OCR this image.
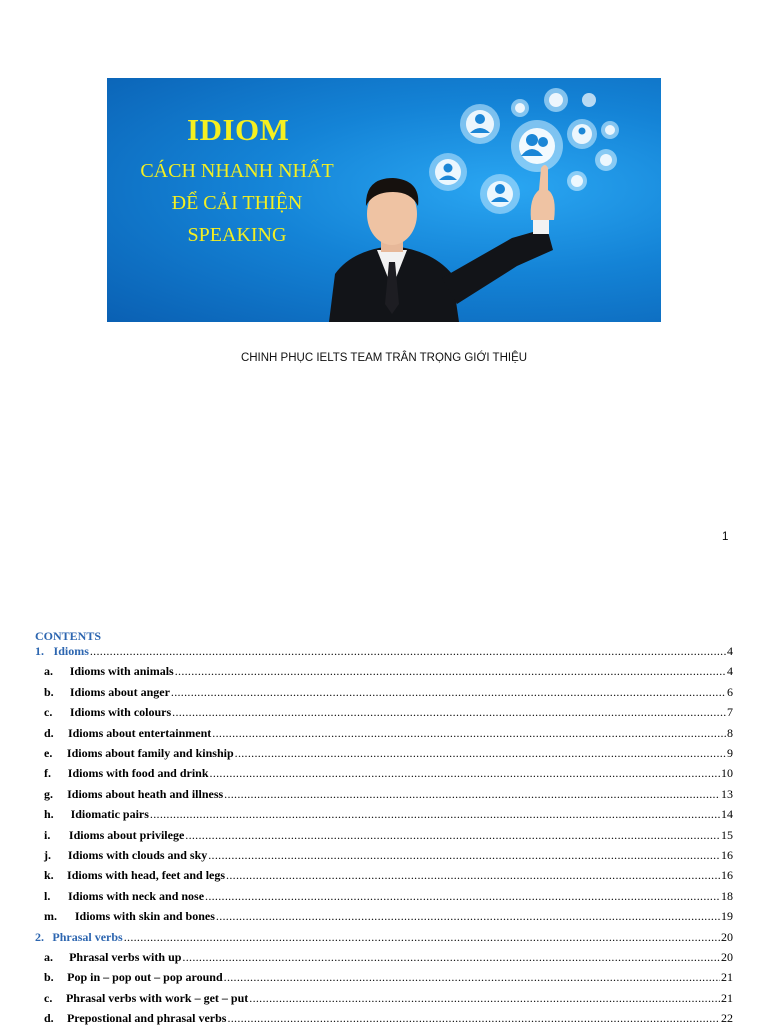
IDIOM
CÁCH NHANH NHẤT
ĐỂ CẢI THIỆN
SPEAKING
CHINH PHỤC IELTS TEAM TRÂN TRỌNG GIỚI THIỆU
1
CONTENTS
1. Idioms .....	4
a.	Idioms with animals .....	4
b.	Idioms about anger .....	6
c.	Idioms with colours .....	7
d.	Idioms about entertainment .....	8
e.	Idioms about family and kinship .....	9
f.	Idioms with food and drink .....	10
g.	Idioms about heath and illness .....	13
h.	Idiomatic pairs .....	14
i.	Idioms about privilege .....	15
j.	Idioms with clouds and sky .....	16
k.	Idioms with head, feet and legs .....	16
l.	Idioms with neck and nose .....	18
m.	Idioms with skin and bones .....	19
2. Phrasal verbs .....	20
a.	Phrasal verbs with up .....	20
b.	Pop in – pop out – pop around .....	21
c.	Phrasal verbs with work – get – put .....	21
d.	Prepostional and phrasal verbs .....	22
